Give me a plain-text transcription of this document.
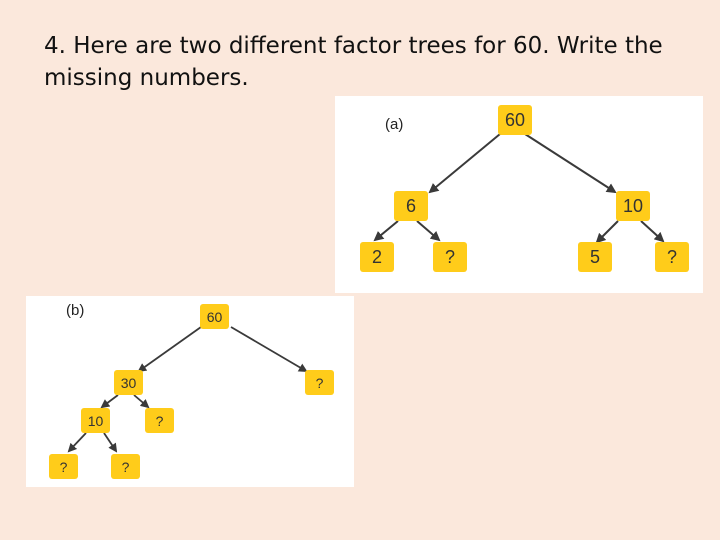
4. Here are two different factor trees for 60. Write the missing numbers.
(a)	60
6	10
2	?	5	?
(b)	60
30	?
10	?
?	?
